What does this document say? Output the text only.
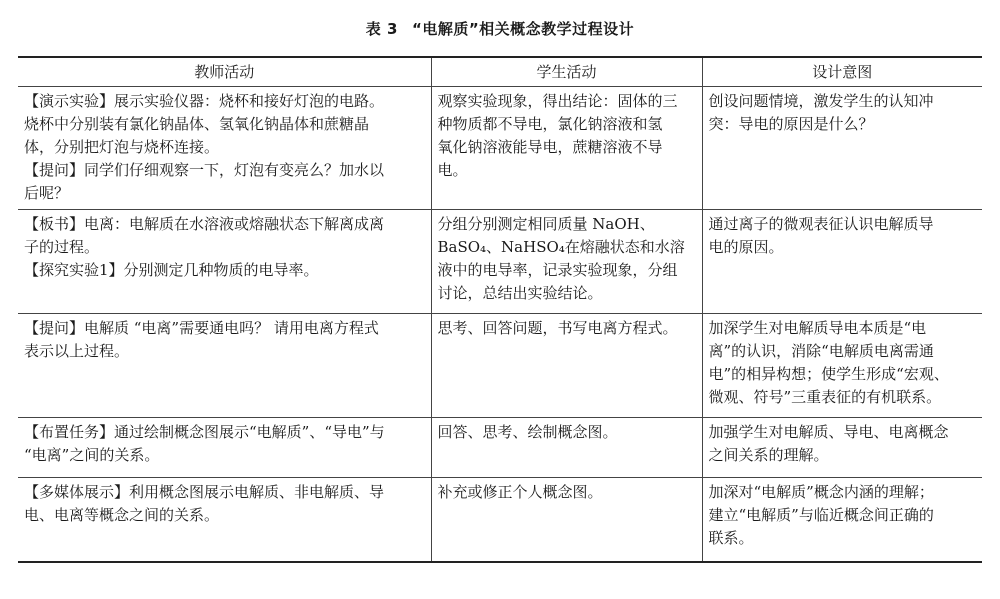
表 3 “电解质”相关概念教学过程设计
教师活动	学生活动	设计意图

【演示实验】展示实验仪器：烧杯和接好灯泡的电路。
烧杯中分别装有氯化钠晶体、氢氧化钠晶体和蔗糖晶
体，分别把灯泡与烧杯连接。
【提问】同学们仔细观察一下，灯泡有变亮么？加水以
后呢？	观察实验现象，得出结论：固体的三
种物质都不导电，氯化钠溶液和氢
氧化钠溶液能导电，蔗糖溶液不导
电。	创设问题情境，激发学生的认知冲
突：导电的原因是什么？

【板书】电离：电解质在水溶液或熔融状态下解离成离
子的过程。
【探究实验1】分别测定几种物质的电导率。	分组分别测定相同质量 NaOH、
BaSO₄、NaHSO₄在熔融状态和水溶
液中的电导率，记录实验现象，分组
讨论，总结出实验结论。	通过离子的微观表征认识电解质导
电的原因。

【提问】电解质 “电离”需要通电吗？ 请用电离方程式
表示以上过程。	思考、回答问题，书写电离方程式。	加深学生对电解质导电本质是“电
离”的认识，消除“电解质电离需通
电”的相异构想；使学生形成“宏观、
微观、符号”三重表征的有机联系。

【布置任务】通过绘制概念图展示“电解质”、“导电”与
“电离”之间的关系。	回答、思考、绘制概念图。	加强学生对电解质、导电、电离概念
之间关系的理解。

【多媒体展示】利用概念图展示电解质、非电解质、导
电、电离等概念之间的关系。	补充或修正个人概念图。	加深对“电解质”概念内涵的理解；
建立“电解质”与临近概念间正确的
联系。
